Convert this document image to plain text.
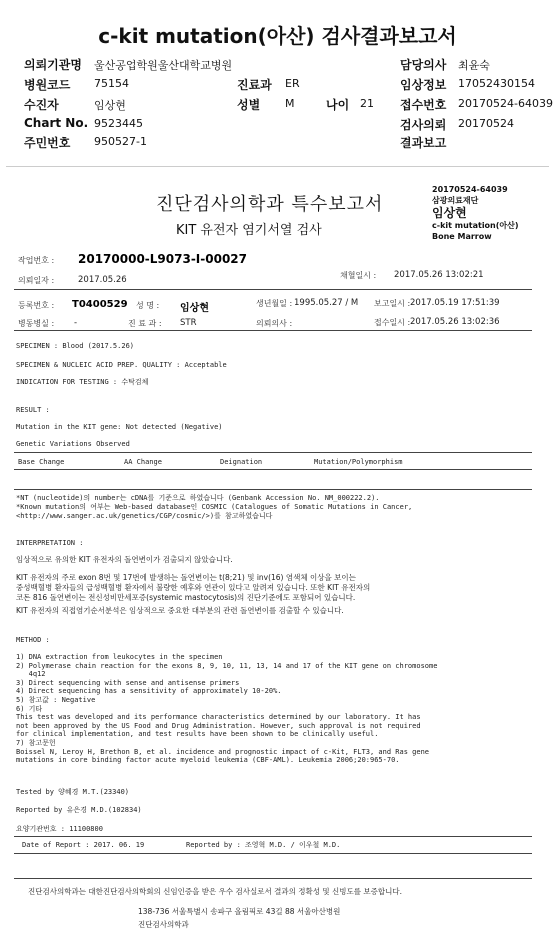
c-kit mutation(아산) 검사결과보고서
의뢰기관명 울산공업학원울산대학교병원	담당의사 최윤숙
병원코드 75154	진료과 ER	임상정보 17052430154
수진자	임상현	성별 M	나이 21 접수번호 20170524-64039
Chart No. 9523445	검사의뢰 20170524
주민번호 950527-1	결과보고
20170524-64039
삼광의료재단
임상현
c-kit mutation(아산)
Bone Marrow
진단검사의학과 특수보고서
KIT 유전자 염기서열 검사
작업번호 : 20170000-L9073-I-00027
의뢰일자 :	2017.05.26	채혈일시 : 2017.05.26 13:02:21
등록번호 : T0400529 성 명 : 임상현	생년월일 : 1995.05.27 / M 보고일시 : 2017.05.19 17:51:39
병동병실 : -	진 료 과 : STR	의뢰의사 :	접수일시 : 2017.05.26 13:02:36
SPECIMEN : Blood (2017.5.26)
SPECIMEN & NUCLEIC ACID PREP. QUALITY : Acceptable
INDICATION FOR TESTING : 수탁검체
RESULT :
Mutation in the KIT gene: Not detected (Negative)
Genetic Variations Observed
Base Change	AA Change	Deignation	Mutation/Polymorphism
*NT (nucleotide)의 number는 cDNA를 기준으로 하였습니다 (Genbank Accession No. NM_000222.2).
*Known mutation의 여부는 Web-based database인 COSMIC (Catalogues of Somatic Mutations in Cancer,
<http://www.sanger.ac.uk/genetics/CGP/cosmic/>)를 참고하였습니다
INTERPRETATION :
임상적으로 유의한 KIT 유전자의 돌연변이가 검출되지 않았습니다.
KIT 유전자의 주로 exon 8번 및 17번에 발생하는 돌연변이는 t(8;21) 및 inv(16) 염색체 이상을 보이는
중성백혈병 환자들의 급성백혈병 환자에서 불량한 예후와 연관이 있다고 알려져 있습니다. 또한 KIT 유전자의
코돈 816 돌연변이는 전신성비만세포증(systemic mastocytosis)의 진단기준에도 포함되어 있습니다.
KIT 유전자의 직접염기순서분석은 임상적으로 중요한 대부분의 관련 돌연변이를 검출할 수 있습니다.
METHOD :
1) DNA extraction from leukocytes in the specimen
2) Polymerase chain reaction for the exons 8, 9, 10, 11, 13, 14 and 17 of the KIT gene on chromosome
4q12
3) Direct sequencing with sense and antisense primers
4) Direct sequencing has a sensitivity of approximately 10-20%.
5) 참고값 : Negative
6) 기타
This test was developed and its performance characteristics determined by our laboratory. It has
not been approved by the US Food and Drug Administration. However, such approval is not required
for clinical implementation, and test results have been shown to be clinically useful.
7) 참고문헌
Boissel N, Leroy H, Brethon B, et al. incidence and prognostic impact of c-Kit, FLT3, and Ras gene
mutations in core binding factor acute myeloid leukemia (CBF-AML). Leukemia 2006;20:965-70.
Tested by 양혜경 M.T.(23340)
Reported by 유은경 M.D.(102834)
요양기관번호 : 11100800
Date of Report : 2017. 06. 19	Reported by : 조영혁 M.D. / 이우철 M.D.
진단검사의학과는 대한진단검사의학회의 신임인증을 받은 우수 검사실로서 결과의 정확성 및 신빙도를 보증합니다.
138-736 서울특별시 송파구 올림픽로 43길 88 서울아산병원
진단검사의학과
